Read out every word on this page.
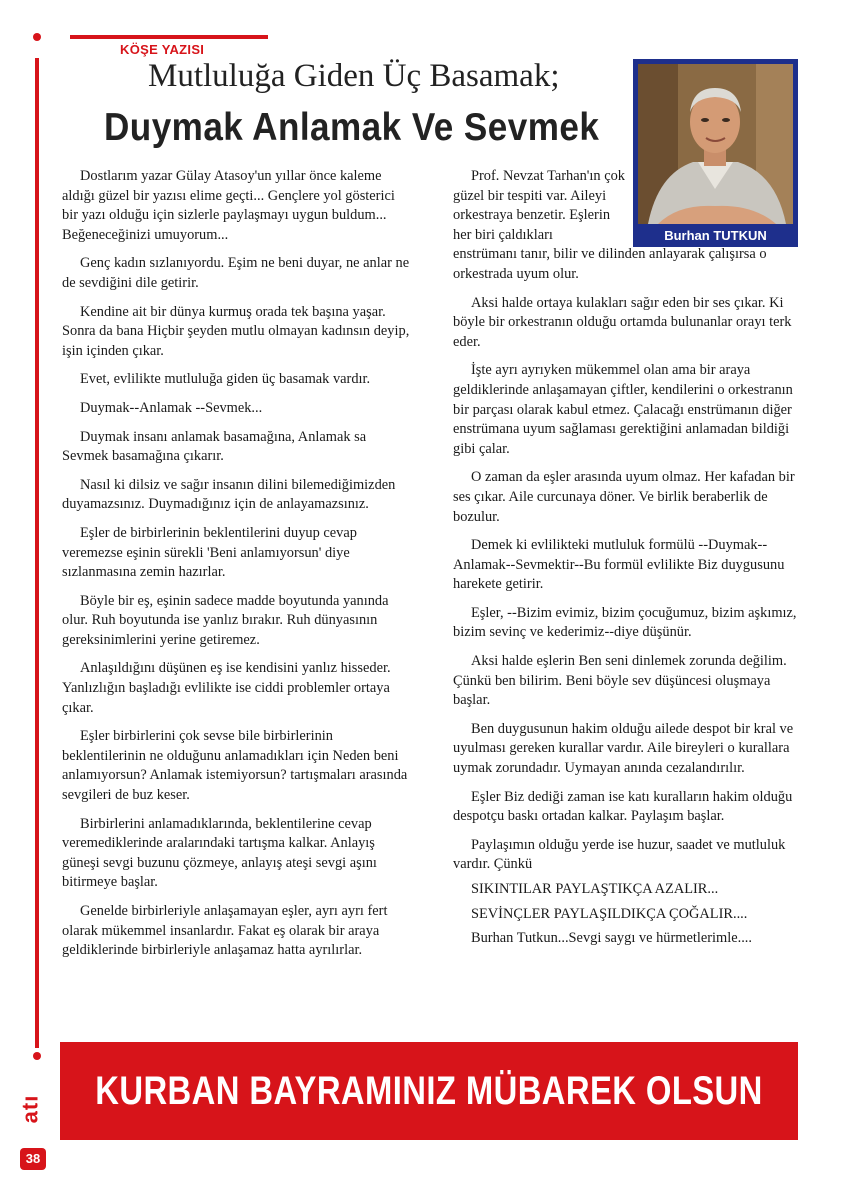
KÖŞE YAZISI
Mutluluğa Giden Üç Basamak;
Duymak Anlamak Ve Sevmek
Burhan TUTKUN

Dostlarım yazar Gülay Atasoy'un yıllar önce kaleme aldığı güzel bir yazısı elime geçti... Gençlere yol gösterici bir yazı olduğu için sizlerle paylaşmayı uygun buldum... Beğeneceğinizi umuyorum...

Genç kadın sızlanıyordu. Eşim ne beni duyar, ne anlar ne de sevdiğini dile getirir.

Kendine ait bir dünya kurmuş orada tek başına yaşar. Sonra da bana Hiçbir şeyden mutlu olmayan kadınsın deyip, işin içinden çıkar.

Evet, evlilikte mutluluğa giden üç basamak vardır.

Duymak--Anlamak --Sevmek...

Duymak insanı anlamak basamağına, Anlamak sa Sevmek basamağına çıkarır.

Nasıl ki dilsiz ve sağır insanın dilini bilemediğimizden duyamazsınız. Duymadığınız için de anlayamazsınız.

Eşler de birbirlerinin beklentilerini duyup cevap veremezse eşinin sürekli 'Beni anlamıyorsun' diye sızlanmasına zemin hazırlar.

Böyle bir eş, eşinin sadece madde boyutunda yanında olur. Ruh boyutunda ise yanlız bırakır. Ruh dünyasının gereksinimlerini yerine getiremez.

Anlaşıldığını düşünen eş ise kendisini yanlız hisseder. Yanlızlığın başladığı evlilikte ise ciddi problemler ortaya çıkar.

Eşler birbirlerini çok sevse bile birbirlerinin beklentilerinin ne olduğunu anlamadıkları için Neden beni anlamıyorsun? Anlamak istemiyorsun? tartışmaları arasında sevgileri de buz keser.

Birbirlerini anlamadıklarında, beklentilerine cevap veremediklerinde aralarındaki tartışma kalkar. Anlayış güneşi sevgi buzunu çözmeye, anlayış ateşi sevgi aşını bitirmeye başlar.

Genelde birbirleriyle anlaşamayan eşler, ayrı ayrı fert olarak mükemmel insanlardır. Fakat eş olarak bir araya geldiklerinde birbirleriyle anlaşamaz hatta ayrılırlar.

Prof. Nevzat Tarhan'ın çok güzel bir tespiti var. Aileyi orkestraya benzetir. Eşlerin her biri çaldıkları

enstrümanı tanır, bilir ve dilinden anlayarak çalışırsa o orkestrada uyum olur.

Aksi halde ortaya kulakları sağır eden bir ses çıkar. Ki böyle bir orkestranın olduğu ortamda bulunanlar orayı terk eder.

İşte ayrı ayrıyken mükemmel olan ama bir araya geldiklerinde anlaşamayan çiftler, kendilerini o orkestranın bir parçası olarak kabul etmez. Çalacağı enstrümanın diğer enstrümana uyum sağlaması gerektiğini anlamadan bildiği gibi çalar.

O zaman da eşler arasında uyum olmaz. Her kafadan bir ses çıkar. Aile curcunaya döner. Ve birlik beraberlik de bozulur.

Demek ki evlilikteki mutluluk formülü --Duymak--Anlamak--Sevmektir--Bu formül evlilikte Biz duygusunu harekete getirir.

Eşler, --Bizim evimiz, bizim çocuğumuz, bizim aşkımız, bizim sevinç ve kederimiz--diye düşünür.

Aksi halde eşlerin Ben seni dinlemek zorunda değilim. Çünkü ben bilirim. Beni böyle sev düşüncesi oluşmaya başlar.

Ben duygusunun hakim olduğu ailede despot bir kral ve uyulması gereken kurallar vardır. Aile bireyleri o kurallara uymak zorundadır. Uymayan anında cezalandırılır.

Eşler Biz dediği zaman ise katı kuralların hakim olduğu despotçu baskı ortadan kalkar. Paylaşım başlar.

Paylaşımın olduğu yerde ise huzur, saadet ve mutluluk vardır. Çünkü

SIKINTILAR PAYLAŞTIKÇA AZALIR...

SEVİNÇLER PAYLAŞILDIKÇA ÇOĞALIR....

Burhan Tutkun...Sevgi saygı ve hürmetlerimle....

KURBAN BAYRAMINIZ MÜBAREK OLSUN
atı
38
